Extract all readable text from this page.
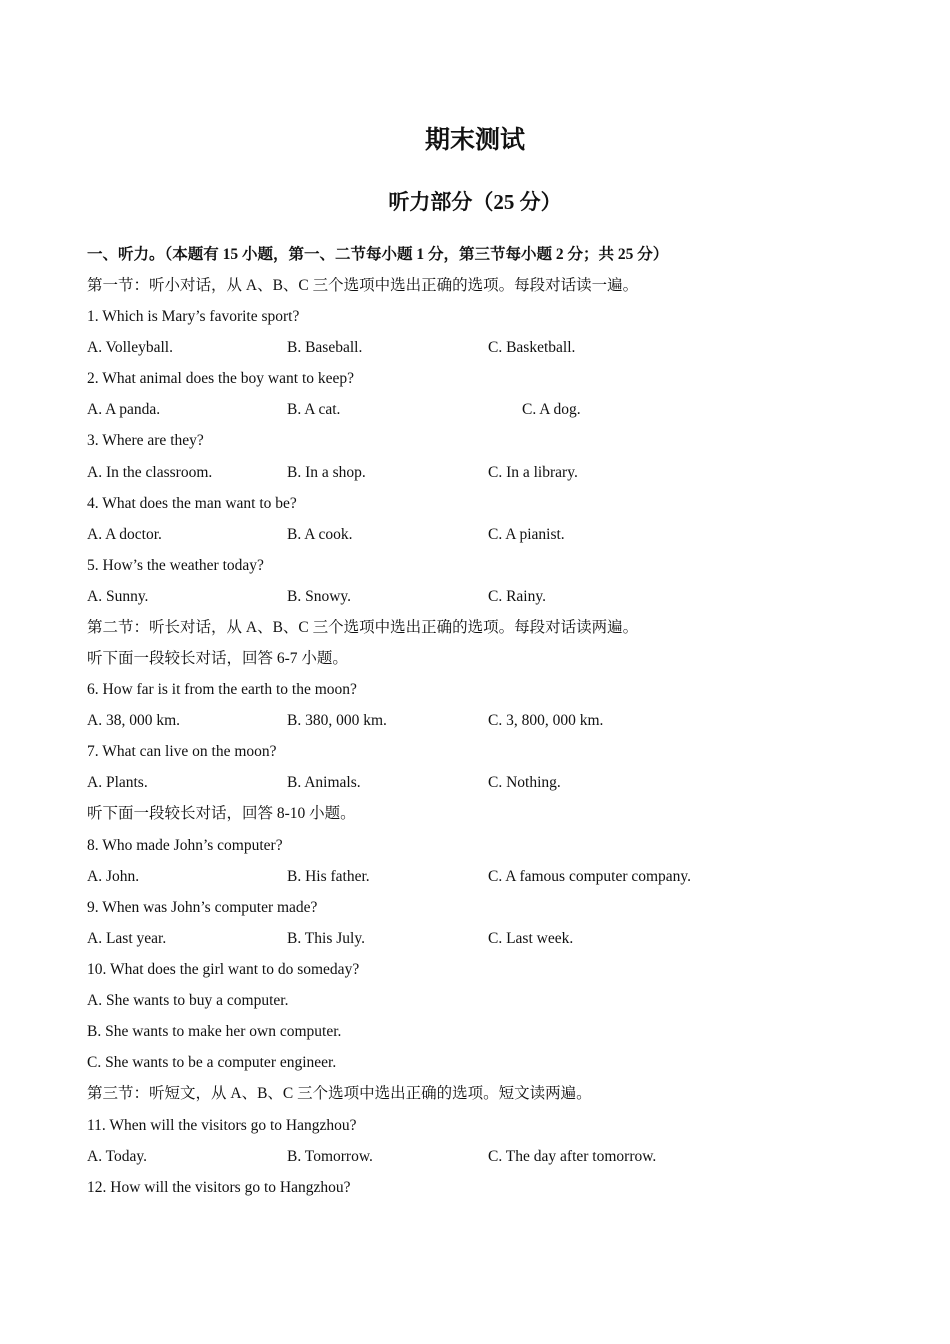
期末测试
听力部分（25 分）
一、听力。（本题有 15 小题，第一、二节每小题 1 分，第三节每小题 2 分；共 25 分）
第一节：听小对话，从 A、B、C 三个选项中选出正确的选项。每段对话读一遍。
1. Which is Mary’s favorite sport?
A. Volleyball.	B. Baseball.	C. Basketball.
2. What animal does the boy want to keep?
A. A panda.	B. A cat.	C. A dog.
3. Where are they?
A. In the classroom.	B. In a shop.	C. In a library.
4. What does the man want to be?
A. A doctor.	B. A cook.	C. A pianist.
5. How’s the weather today?
A. Sunny.	B. Snowy.	C. Rainy.
第二节：听长对话，从 A、B、C 三个选项中选出正确的选项。每段对话读两遍。
听下面一段较长对话，回答 6-7 小题。
6. How far is it from the earth to the moon?
A. 38, 000 km.	B. 380, 000 km.	C. 3, 800, 000 km.
7. What can live on the moon?
A. Plants.	B. Animals.	C. Nothing.
听下面一段较长对话，回答 8-10 小题。
8. Who made John’s computer?
A. John.	B. His father.	C. A famous computer company.
9. When was John’s computer made?
A. Last year.	B. This July.	C. Last week.
10. What does the girl want to do someday?
A. She wants to buy a computer.
B. She wants to make her own computer.
C. She wants to be a computer engineer.
第三节：听短文，从 A、B、C 三个选项中选出正确的选项。短文读两遍。
11. When will the visitors go to Hangzhou?
A. Today.	B. Tomorrow.	C. The day after tomorrow.
12. How will the visitors go to Hangzhou?
